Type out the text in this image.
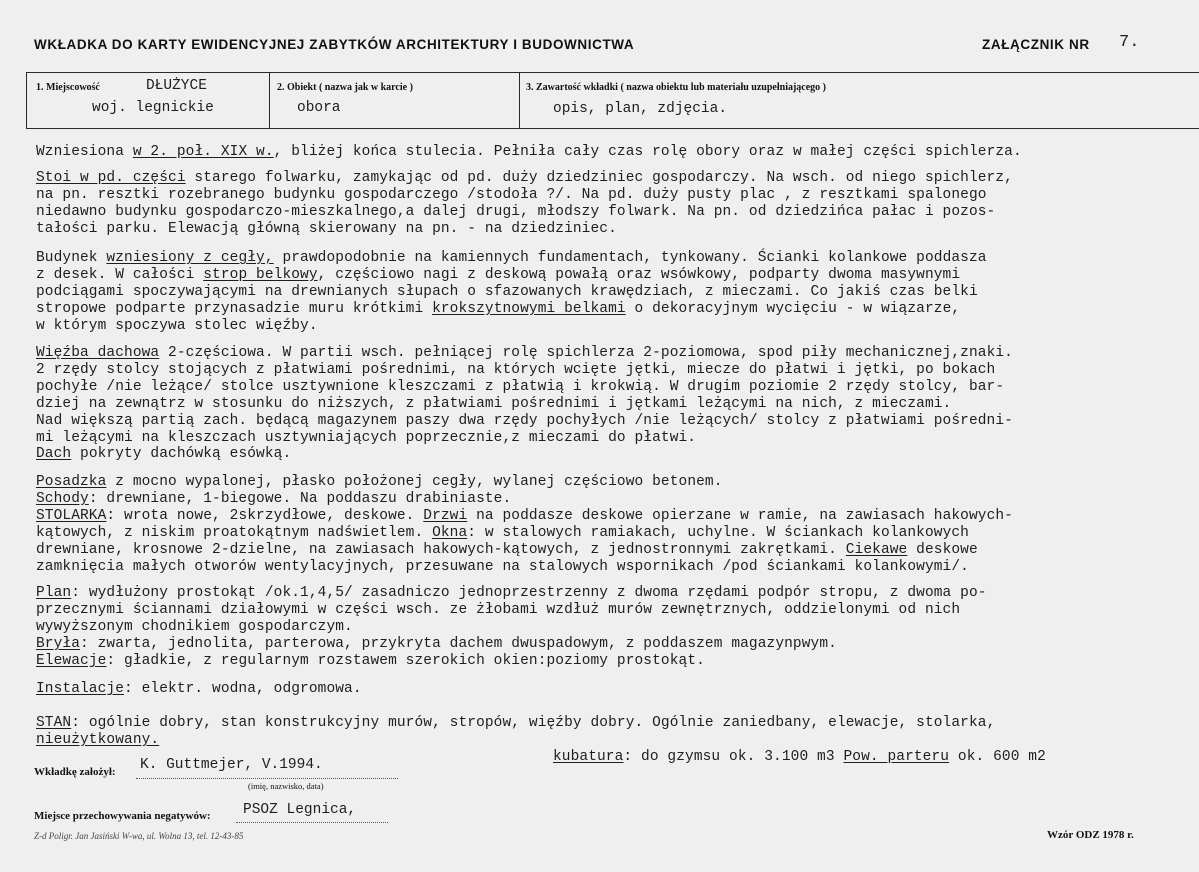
WKŁADKA DO KARTY EWIDENCYJNEJ ZABYTKÓW ARCHITEKTURY I BUDOWNICTWA	ZAŁĄCZNIK NR 7.
1. Miejscowość	DŁUŻYCE
woj. legnickie
2. Obiekt ( nazwa jak w karcie )
obora
3. Zawartość wkładki ( nazwa obiektu lub materiału uzupełniającego )
opis, plan, zdjęcia.
Wzniesiona w 2. poł. XIX w., bliżej końca stulecia. Pełniła cały czas rolę obory oraz w małej części spichlerza.
Stoi w pd. części starego folwarku, zamykając od pd. duży dziedziniec gospodarczy. Na wsch. od niego spichlerz,
na pn. resztki rozebranego budynku gospodarczego /stodoła ?/. Na pd. duży pusty plac , z resztkami spalonego
niedawno budynku gospodarczo-mieszkalnego,a dalej drugi, młodszy folwark. Na pn. od dziedzińca pałac i pozos-
tałości parku. Elewacją główną skierowany na pn. - na dziedziniec.
Budynek wzniesiony z cegły, prawdopodobnie na kamiennych fundamentach, tynkowany. Ścianki kolankowe poddasza
z desek. W całości strop belkowy, częściowo nagi z deskową powałą oraz wsówkowy, podparty dwoma masywnymi
podciągami spoczywającymi na drewnianych słupach o sfazowanych krawędziach, z mieczami. Co jakiś czas belki
stropowe podparte przynasadzie muru krótkimi krokszytnowymi belkami o dekoracyjnym wycięciu - w wiązarze,
w którym spoczywa stolec więźby.
Więźba dachowa 2-częściowa. W partii wsch. pełniącej rolę spichlerza 2-poziomowa, spod piły mechanicznej,znaki.
2 rzędy stolcy stojących z płatwiami pośrednimi, na których wcięte jętki, miecze do płatwi i jętki, po bokach
pochyłe /nie leżące/ stolce usztywnione kleszczami z płatwią i krokwią. W drugim poziomie 2 rzędy stolcy, bar-
dziej na zewnątrz w stosunku do niższych, z płatwiami pośrednimi i jętkami leżącymi na nich, z mieczami.
Nad większą partią zach. będącą magazynem paszy dwa rzędy pochyłych /nie leżących/ stolcy z płatwiami pośredni-
mi leżącymi na kleszczach usztywniających poprzecznie,z mieczami do płatwi.
Dach pokryty dachówką esówką.
Posadzka z mocno wypalonej, płasko położonej cegły, wylanej częściowo betonem.
Schody: drewniane, 1-biegowe. Na poddaszu drabiniaste.
STOLARKA: wrota nowe, 2skrzydłowe, deskowe. Drzwi na poddasze deskowe opierzane w ramie, na zawiasach hakowych-
kątowych, z niskim proatokątnym nadświetlem. Okna: w stalowych ramiakach, uchylne. W ściankach kolankowych
drewniane, krosnowe 2-dzielne, na zawiasach hakowych-kątowych, z jednostronnymi zakrętkami. Ciekawe deskowe
zamknięcia małych otworów wentylacyjnych, przesuwane na stalowych wspornikach /pod ściankami kolankowymi/.
Plan: wydłużony prostokąt /ok.1,4,5/ zasadniczo jednoprzestrzenny z dwoma rzędami podpór stropu, z dwoma po-
przecznymi ściannami działowymi w części wsch. ze żłobami wzdłuż murów zewnętrznych, oddzielonymi od nich
wywyższonym chodnikiem gospodarczym.
Bryła: zwarta, jednolita, parterowa, przykryta dachem dwuspadowym, z poddaszem magazynpwym.
Elewacje: gładkie, z regularnym rozstawem szerokich okien:poziomy prostokąt.
Instalacje: elektr. wodna, odgromowa.
STAN: ogólnie dobry, stan konstrukcyjny murów, stropów, więźby dobry. Ogólnie zaniedbany, elewacje, stolarka,
nieużytkowany.
kubatura: do gzymsu ok. 3.100 m3 Pow. parteru ok. 600 m2
Wkładkę założył: K. Guttmejer, V.1994.
(imię, nazwisko, data)
Miejsce przechowywania negatywów: PSOZ Legnica,
Z-d Poligr. Jan Jasiński W-wa, ul. Wolna 13, tel. 12-43-85	Wzór ODZ 1978 r.
